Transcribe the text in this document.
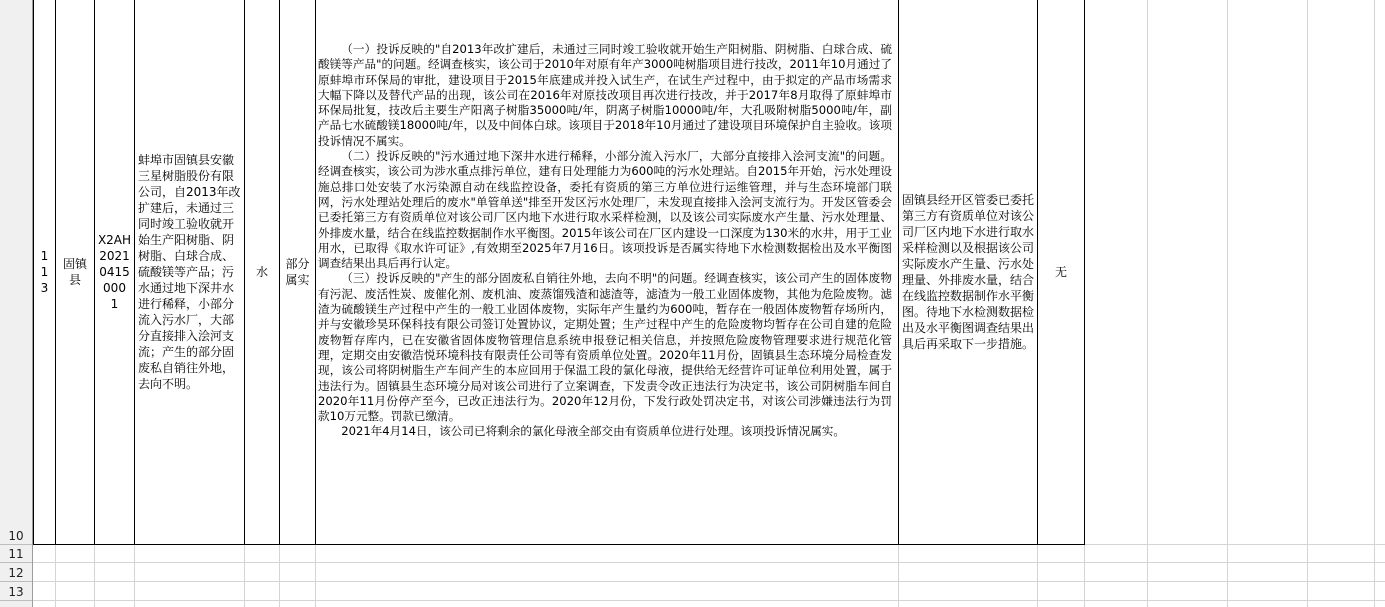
10
11
12
13
113
固镇县
X2AH20210415000 1
蚌埠市固镇县安徽三星树脂股份有限公司，自2013年改扩建后，未通过三同时竣工验收就开始生产阳树脂、阴树脂、白球合成、硫酸镁等产品；污水通过地下深井水进行稀释，小部分流入污水厂，大部分直接排入浍河支流；产生的部分固废私自销往外地，去向不明。
水
部分属实

（一）投诉反映的"自2013年改扩建后，未通过三同时竣工验收就开始生产阳树脂、阴树脂、白球合成、硫酸镁等产品"的问题。经调查核实，该公司于2010年对原有年产3000吨树脂项目进行技改，2011年10月通过了原蚌埠市环保局的审批，建设项目于2015年底建成并投入试生产，在试生产过程中，由于拟定的产品市场需求大幅下降以及替代产品的出现，该公司在2016年对原技改项目再次进行技改，并于2017年8月取得了原蚌埠市环保局批复，技改后主要生产阳离子树脂35000吨/年，阴离子树脂10000吨/年，大孔吸附树脂5000吨/年，副产品七水硫酸镁18000吨/年，以及中间体白球。该项目于2018年10月通过了建设项目环境保护自主验收。该项投诉情况不属实。

（二）投诉反映的"污水通过地下深井水进行稀释，小部分流入污水厂，大部分直接排入浍河支流"的问题。经调查核实，该公司为涉水重点排污单位，建有日处理能力为600吨的污水处理站。自2015年开始，污水处理设施总排口处安装了水污染源自动在线监控设备，委托有资质的第三方单位进行运维管理，并与生态环境部门联网，污水处理站处理后的废水"单管单送"排至开发区污水处理厂，未发现直接排入浍河支流行为。开发区管委会已委托第三方有资质单位对该公司厂区内地下水进行取水采样检测，以及该公司实际废水产生量、污水处理量、外排废水量，结合在线监控数据制作水平衡图。2015年该公司在厂区内建设一口深度为130米的水井，用于工业用水，已取得《取水许可证》,有效期至2025年7月16日。该项投诉是否属实待地下水检测数据检出及水平衡图调查结果出具后再行认定。

（三）投诉反映的"产生的部分固废私自销往外地，去向不明"的问题。经调查核实，该公司产生的固体废物有污泥、废活性炭、废催化剂、废机油、废蒸馏残渣和滤渣等，滤渣为一般工业固体废物，其他为危险废物。滤渣为硫酸镁生产过程中产生的一般工业固体废物，实际年产生量约为600吨，暂存在一般固体废物暂存场所内，并与安徽珍昊环保科技有限公司签订处置协议，定期处置；生产过程中产生的危险废物均暂存在公司自建的危险废物暂存库内，已在安徽省固体废物管理信息系统申报登记相关信息，并按照危险废物管理要求进行规范化管理，定期交由安徽浩悦环境科技有限责任公司等有资质单位处置。2020年11月份，固镇县生态环境分局检查发现，该公司将阴树脂生产车间产生的本应回用于保温工段的氯化母液，提供给无经营许可证单位利用处置，属于违法行为。固镇县生态环境分局对该公司进行了立案调查，下发责令改正违法行为决定书，该公司阴树脂车间自2020年11月份停产至今，已改正违法行为。2020年12月份，下发行政处罚决定书，对该公司涉嫌违法行为罚款10万元整。罚款已缴清。

2021年4月14日，该公司已将剩余的氯化母液全部交由有资质单位进行处理。该项投诉情况属实。

固镇县经开区管委已委托第三方有资质单位对该公司厂区内地下水进行取水采样检测以及根据该公司实际废水产生量、污水处理量、外排废水量，结合在线监控数据制作水平衡图。待地下水检测数据检出及水平衡图调查结果出具后再采取下一步措施。
无
